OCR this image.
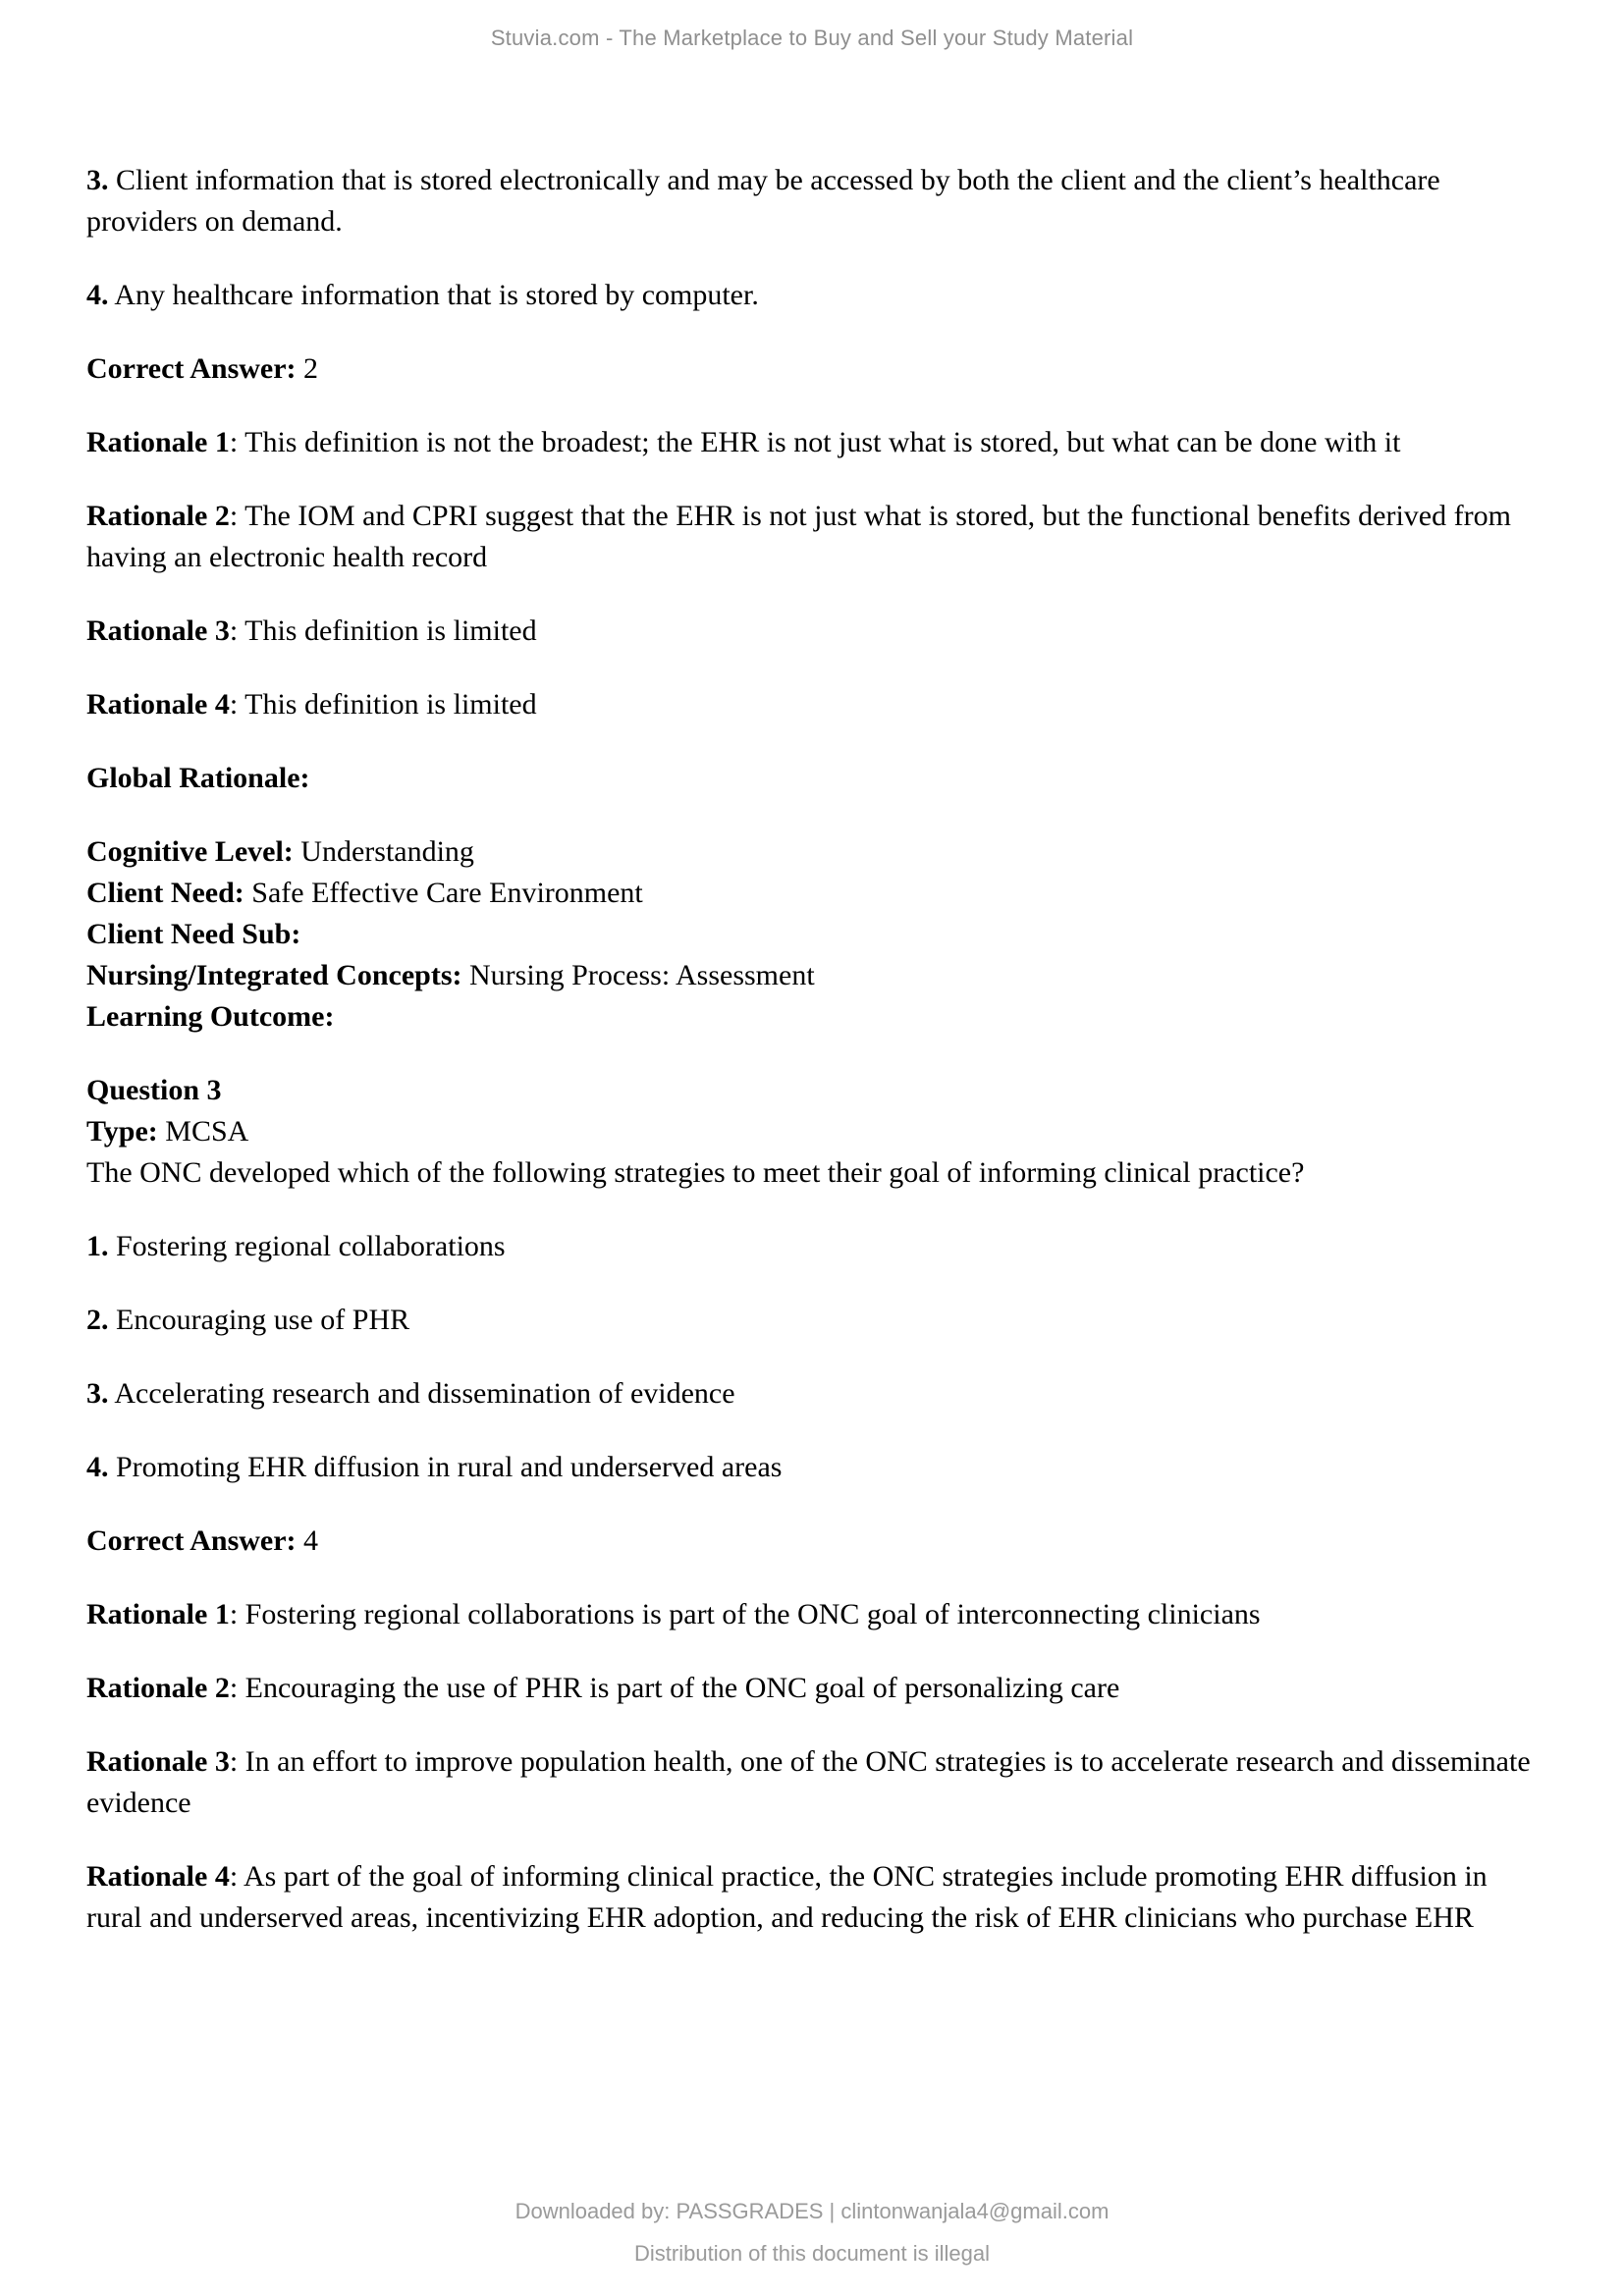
Stuvia.com - The Marketplace to Buy and Sell your Study Material

3. Client information that is stored electronically and may be accessed by both the client and the client’s healthcare providers on demand.

4. Any healthcare information that is stored by computer.

Correct Answer: 2

Rationale 1: This definition is not the broadest; the EHR is not just what is stored, but what can be done with it

Rationale 2: The IOM and CPRI suggest that the EHR is not just what is stored, but the functional benefits derived from having an electronic health record

Rationale 3: This definition is limited

Rationale 4: This definition is limited

Global Rationale:

Cognitive Level: Understanding
Client Need: Safe Effective Care Environment
Client Need Sub:
Nursing/Integrated Concepts: Nursing Process: Assessment
Learning Outcome:

Question 3
Type: MCSA
The ONC developed which of the following strategies to meet their goal of informing clinical practice?

1. Fostering regional collaborations

2. Encouraging use of PHR

3. Accelerating research and dissemination of evidence

4. Promoting EHR diffusion in rural and underserved areas

Correct Answer: 4

Rationale 1: Fostering regional collaborations is part of the ONC goal of interconnecting clinicians

Rationale 2: Encouraging the use of PHR is part of the ONC goal of personalizing care

Rationale 3: In an effort to improve population health, one of the ONC strategies is to accelerate research and disseminate evidence

Rationale 4: As part of the goal of informing clinical practice, the ONC strategies include promoting EHR diffusion in rural and underserved areas, incentivizing EHR adoption, and reducing the risk of EHR clinicians who purchase EHR

Downloaded by: PASSGRADES | clintonwanjala4@gmail.com
Distribution of this document is illegal
